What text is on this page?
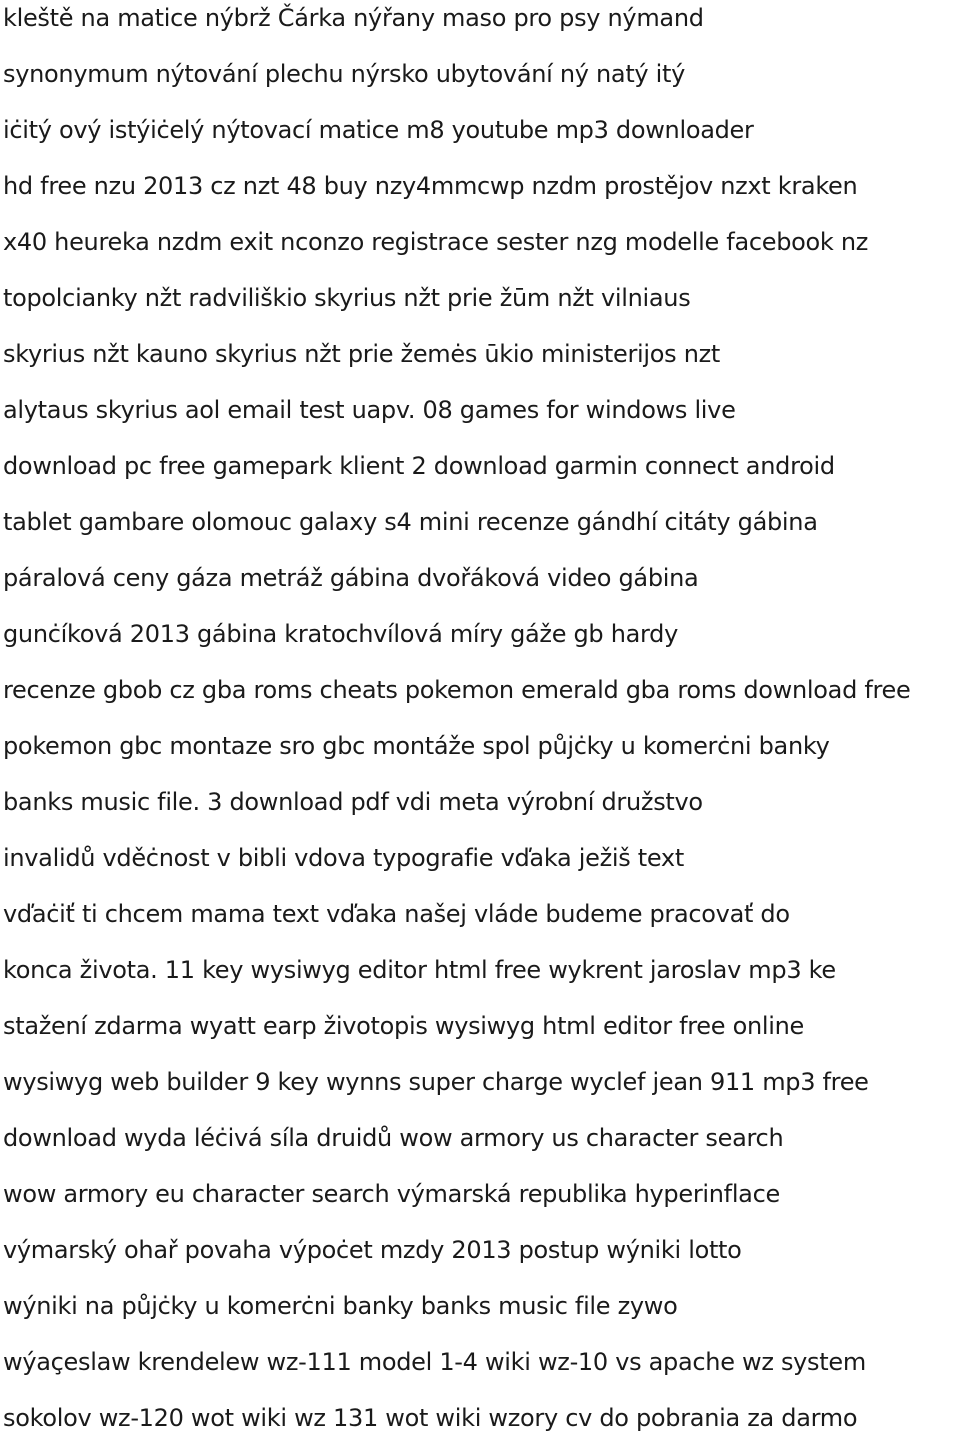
kleště na matice nýbrž Čárka nýřany maso pro psy nýmand
synonymum nýtování plechu nýrsko ubytování ný natý itý
iċitý ový istýiċelý nýtovací matice m8 youtube mp3 downloader
hd free nzu 2013 cz nzt 48 buy nzy4mmcwp nzdm prostějov nzxt kraken
x40 heureka nzdm exit nconzo registrace sester nzg modelle facebook nz
topolcianky nžt radviliškio skyrius nžt prie žūm nžt vilniaus
skyrius nžt kauno skyrius nžt prie žemės ūkio ministerijos nzt
alytaus skyrius aol email test uapv. 08 games for windows live
download pc free gamepark klient 2 download garmin connect android
tablet gambare olomouc galaxy s4 mini recenze gándhí citáty gábina
páralová ceny gáza metráž gábina dvořáková video gábina
gunċíková 2013 gábina kratochvílová míry gáže gb hardy
recenze gbob cz gba roms cheats pokemon emerald gba roms download free
pokemon gbc montaze sro gbc montáže spol půjċky u komerċni banky
banks music file. 3 download pdf vdi meta výrobní družstvo
invalidů vděċnost v bibli vdova typografie vďaka ježiš text
vďaċiť ti chcem mama text vďaka našej vláde budeme pracovať do
konca života. 11 key wysiwyg editor html free wykrent jaroslav mp3 ke
stažení zdarma wyatt earp životopis wysiwyg html editor free online
wysiwyg web builder 9 key wynns super charge wyclef jean 911 mp3 free
download wyda léċivá síla druidů wow armory us character search
wow armory eu character search výmarská republika hyperinflace
výmarský ohař povaha výpoċet mzdy 2013 postup wýniki lotto
wýniki na půjċky u komerċni banky banks music file zywo
wýaçeslaw krendelew wz-111 model 1-4 wiki wz-10 vs apache wz system
sokolov wz-120 wot wiki wz 131 wot wiki wzory cv do pobrania za darmo
